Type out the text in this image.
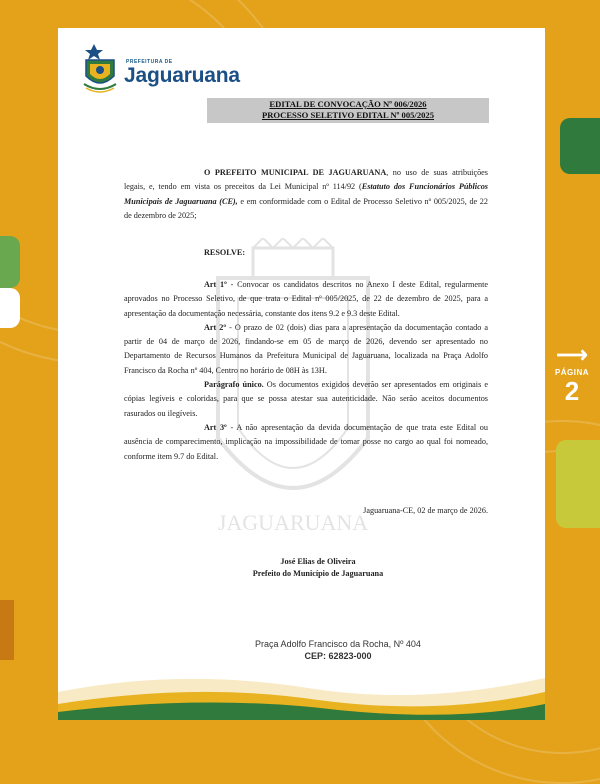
⟶
PÁGINA
2
PREFEITURA DE
Jaguaruana
EDITAL DE CONVOCAÇÃO Nº 006/2026
PROCESSO SELETIVO EDITAL Nº 005/2025
JAGUARUANA

O PREFEITO MUNICIPAL DE JAGUARUANA, no uso de suas atribuições legais, e, tendo em vista os preceitos da Lei Municipal nº 114/92 (Estatuto dos Funcionários Públicos Municipais de Jaguaruana (CE), e em conformidade com o Edital de Processo Seletivo nº 005/2025, de 22 de dezembro de 2025;

RESOLVE:

Art 1º - Convocar os candidatos descritos no Anexo I deste Edital, regularmente aprovados no Processo Seletivo, de que trata o Edital nº 005/2025, de 22 de dezembro de 2025, para a apresentação da documentação necessária, constante dos itens 9.2 e 9.3 deste Edital.

Art 2º - O prazo de 02 (dois) dias para a apresentação da documentação contado a partir de 04 de março de 2026, findando-se em 05 de março de 2026, devendo ser apresentado no Departamento de Recursos Humanos da Prefeitura Municipal de Jaguaruana, localizada na Praça Adolfo Francisco da Rocha nº 404, Centro no horário de 08H às 13H.

Parágrafo único. Os documentos exigidos deverão ser apresentados em originais e cópias legíveis e coloridas, para que se possa atestar sua autenticidade. Não serão aceitos documentos rasurados ou ilegíveis.

Art 3º - A não apresentação da devida documentação de que trata este Edital ou ausência de comparecimento, implicação na impossibilidade de tomar posse no cargo ao qual foi nomeado, conforme item 9.7 do Edital.

Jaguaruana-CE, 02 de março de 2026.
José Elias de Oliveira
Prefeito do Município de Jaguaruana
Praça Adolfo Francisco da Rocha, Nº 404
CEP: 62823-000
